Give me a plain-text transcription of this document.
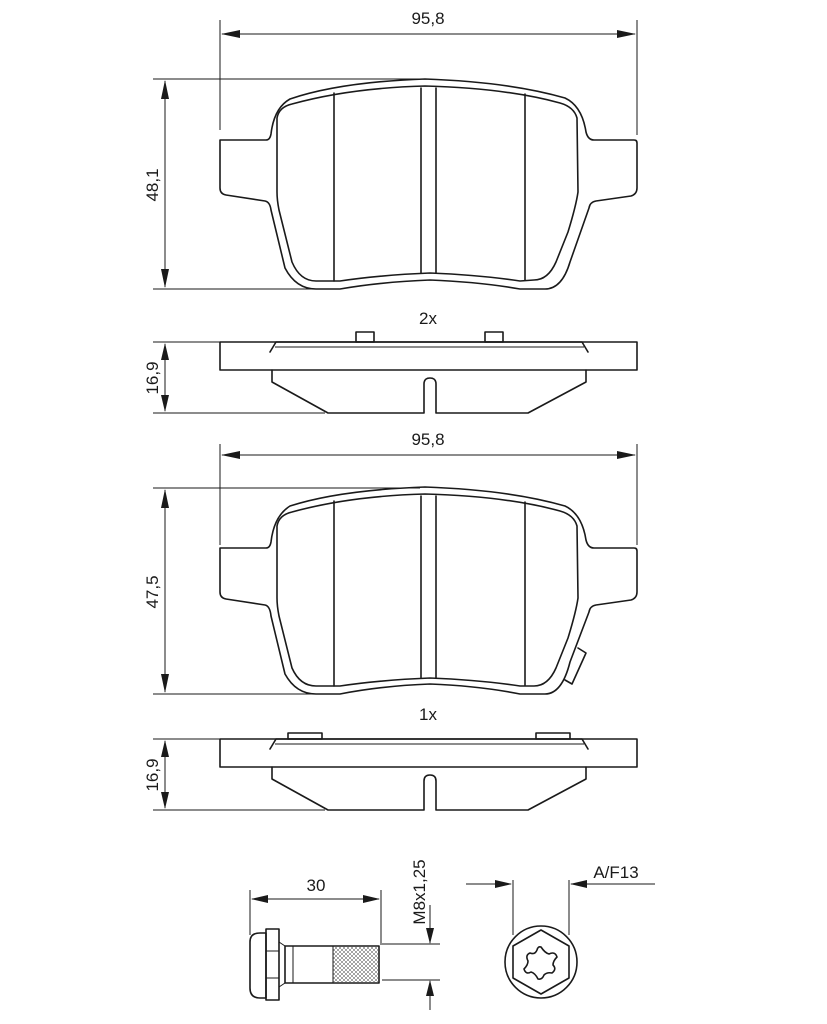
95,8
48,1
2x
16,9
95,8
47,5
1x
16,9
30	M8x1,25	A/F13
